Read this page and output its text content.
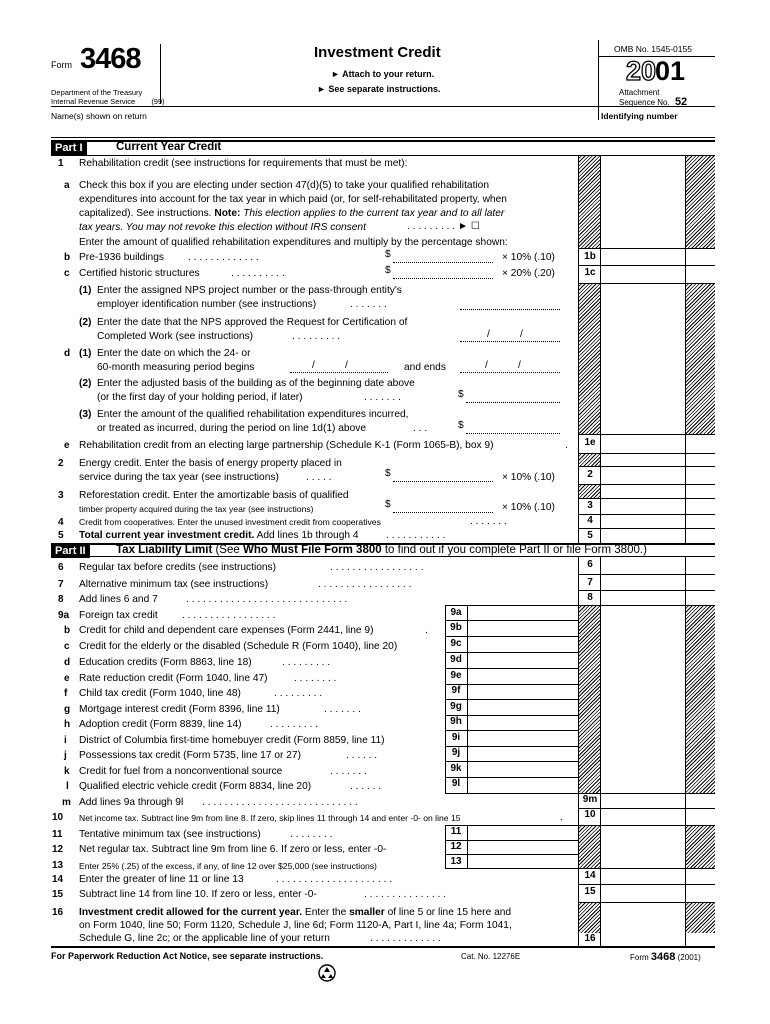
Form 3468
Department of the Treasury
Internal Revenue Service (99)
Investment Credit
► Attach to your return.
► See separate instructions.
OMB No. 1545-0155
20
01
Attachment
Sequence No. 52
Name(s) shown on return	Identifying number
Part I	Current Year Credit
1 Rehabilitation credit (see instructions for requirements that must be met):
a Check this box if you are electing under section 47(d)(5) to take your qualified rehabilitation
expenditures into account for the tax year in which paid (or, for self-rehabilitated property, when
capitalized). See instructions. Note: This election applies to the current tax year and to all later
tax years. You may not revoke this election without IRS consent	. . . . . . . . . ► ☐
Enter the amount of qualified rehabilitation expenditures and multiply by the percentage shown:
b Pre-1936 buildings . . . . . . . . . . . . .	$	× 10% (.10)	1b
c Certified historic structures	. . . . . . . . . .	$	× 20% (.20)	1c
(1) Enter the assigned NPS project number or the pass-through entity's
employer identification number (see instructions)	. . . . . . .
(2) Enter the date that the NPS approved the Request for Certification of
Completed Work (see instructions)	. . . . . . . . .	/	/
d (1) Enter the date on which the 24- or
60-month measuring period begins	/	/	and ends	/	/
(2) Enter the adjusted basis of the building as of the beginning date above
(or the first day of your holding period, if later)	. . . . . . .	$
(3) Enter the amount of the qualified rehabilitation expenditures incurred,
or treated as incurred, during the period on line 1d(1) above	. . .	$
e Rehabilitation credit from an electing large partnership (Schedule K-1 (Form 1065-B), box 9)	.	1e
2 Energy credit. Enter the basis of energy property placed in
service during the tax year (see instructions)	. . . . .	$	× 10% (.10)	2
3 Reforestation credit. Enter the amortizable basis of qualified
timber property acquired during the tax year (see instructions)	$	× 10% (.10)	3
4 Credit from cooperatives. Enter the unused investment credit from cooperatives	. . . . . . .	4
5 Total current year investment credit. Add lines 1b through 4	. . . . . . . . . . .	5
Part II	Tax Liability Limit (See Who Must File Form 3800 to find out if you complete Part II or file Form 3800.)
6 Regular tax before credits (see instructions)	. . . . . . . . . . . . . . . . .	6
7 Alternative minimum tax (see instructions)	. . . . . . . . . . . . . . . . .	7
8 Add lines 6 and 7	. . . . . . . . . . . . . . . . . . . . . . . . . . . . .	8
9a Foreign tax credit . . . . . . . . . . . . . . . . .	9a
b Credit for child and dependent care expenses (Form 2441, line 9)	.	9b
c Credit for the elderly or the disabled (Schedule R (Form 1040), line 20)	9c
d Education credits (Form 8863, line 18)	. . . . . . . . .	9d
e Rate reduction credit (Form 1040, line 47)	. . . . . . . .	9e
f Child tax credit (Form 1040, line 48)	. . . . . . . . .	9f
g Mortgage interest credit (Form 8396, line 11)	. . . . . . .	9g
h Adoption credit (Form 8839, line 14)	. . . . . . . . .	9h
i District of Columbia first-time homebuyer credit (Form 8859, line 11)	9i
j Possessions tax credit (Form 5735, line 17 or 27)	. . . . . .	9j
k Credit for fuel from a nonconventional source	. . . . . . .	9k
l Qualified electric vehicle credit (Form 8834, line 20)	. . . . . .	9l
m Add lines 9a through 9l . . . . . . . . . . . . . . . . . . . . . . . . . . . .	9m
10 Net income tax. Subtract line 9m from line 8. If zero, skip lines 11 through 14 and enter -0- on line 15	.	10
11 Tentative minimum tax (see instructions)	. . . . . . . .	11
12 Net regular tax. Subtract line 9m from line 6. If zero or less, enter -0-	12
13 Enter 25% (.25) of the excess, if any, of line 12 over $25,000 (see instructions)	13
14 Enter the greater of line 11 or line 13	. . . . . . . . . . . . . . . . . . . . .	14
15 Subtract line 14 from line 10. If zero or less, enter -0-	. . . . . . . . . . . . . . .	15
16 Investment credit allowed for the current year. Enter the smaller of line 5 or line 15 here and
on Form 1040, line 50; Form 1120, Schedule J, line 6d; Form 1120-A, Part I, line 4a; Form 1041,
Schedule G, line 2c; or the applicable line of your return	. . . . . . . . . . . . .	16
For Paperwork Reduction Act Notice, see separate instructions.	Cat. No. 12276E	Form 3468 (2001)
